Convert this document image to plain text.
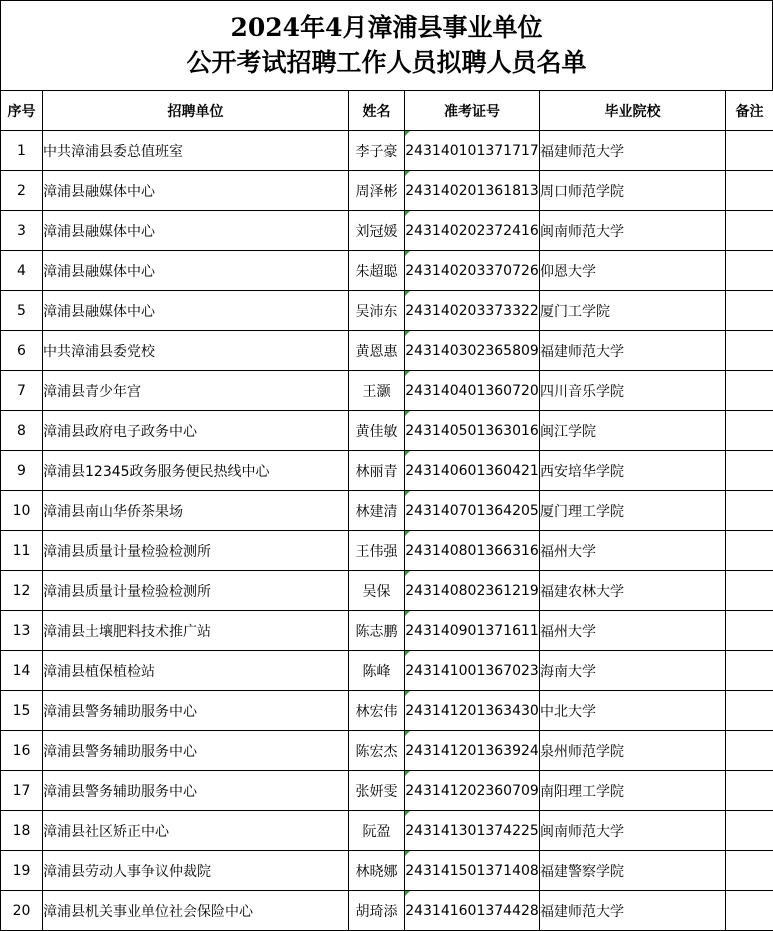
2024年4月漳浦县事业单位
公开考试招聘工作人员拟聘人员名单
序号	招聘单位	姓名	准考证号	毕业院校	备注
1	中共漳浦县委总值班室	李子豪	243140101371717	福建师范大学	
2	漳浦县融媒体中心	周泽彬	243140201361813	周口师范学院	
3	漳浦县融媒体中心	刘冠媛	243140202372416	闽南师范大学	
4	漳浦县融媒体中心	朱超聪	243140203370726	仰恩大学	
5	漳浦县融媒体中心	吴沛东	243140203373322	厦门工学院	
6	中共漳浦县委党校	黄恩惠	243140302365809	福建师范大学	
7	漳浦县青少年宫	王灏	243140401360720	四川音乐学院	
8	漳浦县政府电子政务中心	黄佳敏	243140501363016	闽江学院	
9	漳浦县12345政务服务便民热线中心	林丽青	243140601360421	西安培华学院	
10	漳浦县南山华侨茶果场	林建清	243140701364205	厦门理工学院	
11	漳浦县质量计量检验检测所	王伟强	243140801366316	福州大学	
12	漳浦县质量计量检验检测所	吴保	243140802361219	福建农林大学	
13	漳浦县土壤肥料技术推广站	陈志鹏	243140901371611	福州大学	
14	漳浦县植保植检站	陈峰	243141001367023	海南大学	
15	漳浦县警务辅助服务中心	林宏伟	243141201363430	中北大学	
16	漳浦县警务辅助服务中心	陈宏杰	243141201363924	泉州师范学院	
17	漳浦县警务辅助服务中心	张妍雯	243141202360709	南阳理工学院	
18	漳浦县社区矫正中心	阮盈	243141301374225	闽南师范大学	
19	漳浦县劳动人事争议仲裁院	林晓娜	243141501371408	福建警察学院	
20	漳浦县机关事业单位社会保险中心	胡琦添	243141601374428	福建师范大学	
